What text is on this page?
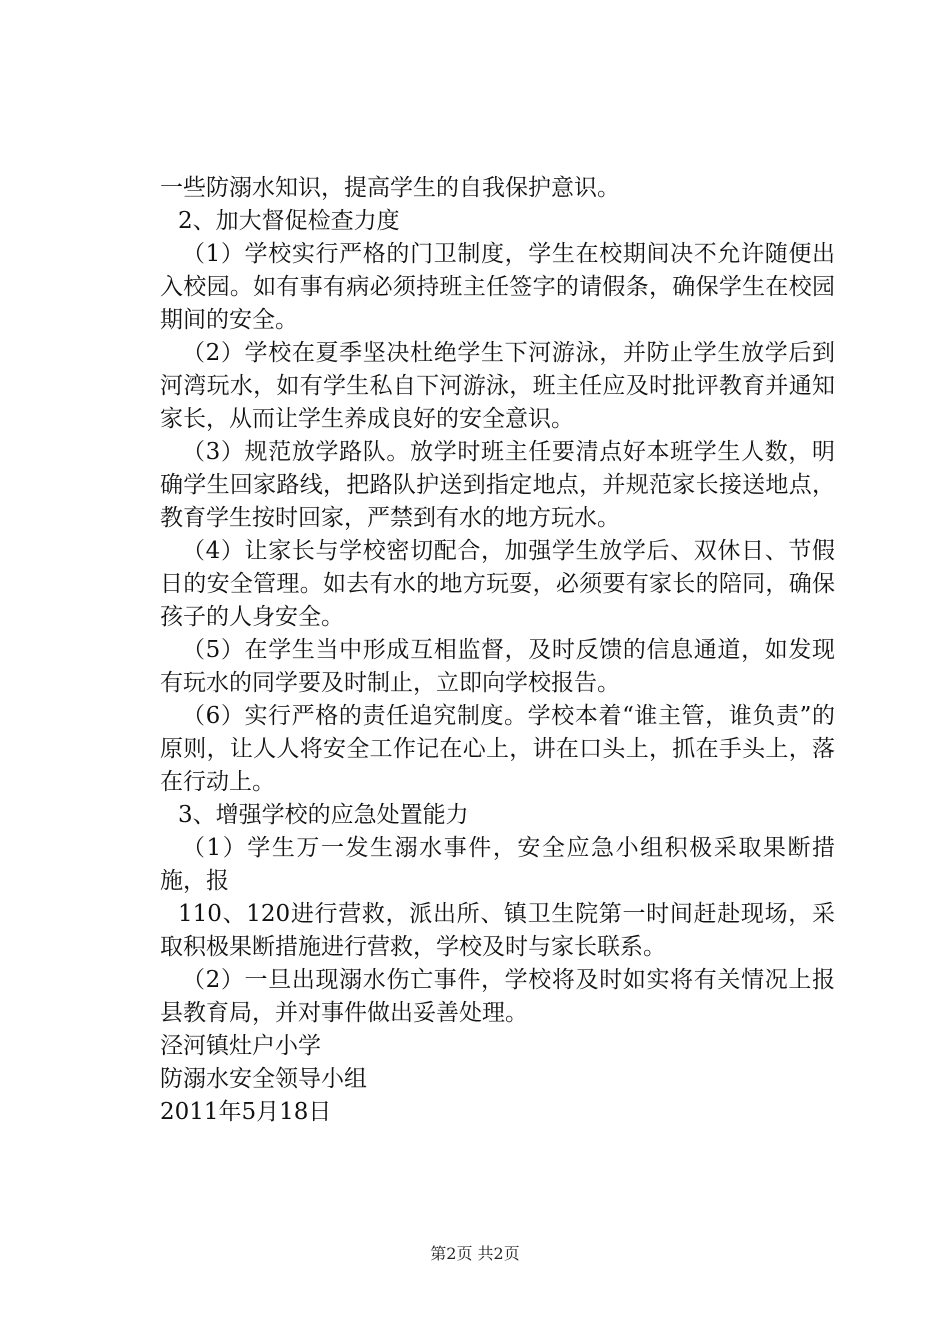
一些防溺水知识，提高学生的自我保护意识。

2、加大督促检查力度

（1）学校实行严格的门卫制度，学生在校期间决不允许随便出入校园。如有事有病必须持班主任签字的请假条，确保学生在校园期间的安全。

（2）学校在夏季坚决杜绝学生下河游泳，并防止学生放学后到河湾玩水，如有学生私自下河游泳，班主任应及时批评教育并通知家长，从而让学生养成良好的安全意识。

（3）规范放学路队。放学时班主任要清点好本班学生人数，明确学生回家路线，把路队护送到指定地点，并规范家长接送地点，教育学生按时回家，严禁到有水的地方玩水。

（4）让家长与学校密切配合，加强学生放学后、双休日、节假日的安全管理。如去有水的地方玩耍，必须要有家长的陪同，确保孩子的人身安全。

（5）在学生当中形成互相监督，及时反馈的信息通道，如发现有玩水的同学要及时制止，立即向学校报告。

（6）实行严格的责任追究制度。学校本着“谁主管，谁负责”的原则，让人人将安全工作记在心上，讲在口头上，抓在手头上，落在行动上。

3、增强学校的应急处置能力

（1）学生万一发生溺水事件，安全应急小组积极采取果断措施，报

110、120进行营救，派出所、镇卫生院第一时间赶赴现场，采取积极果断措施进行营救，学校及时与家长联系。

（2）一旦出现溺水伤亡事件，学校将及时如实将有关情况上报县教育局，并对事件做出妥善处理。

泾河镇灶户小学

防溺水安全领导小组

2011年5月18日

第2页 共2页
